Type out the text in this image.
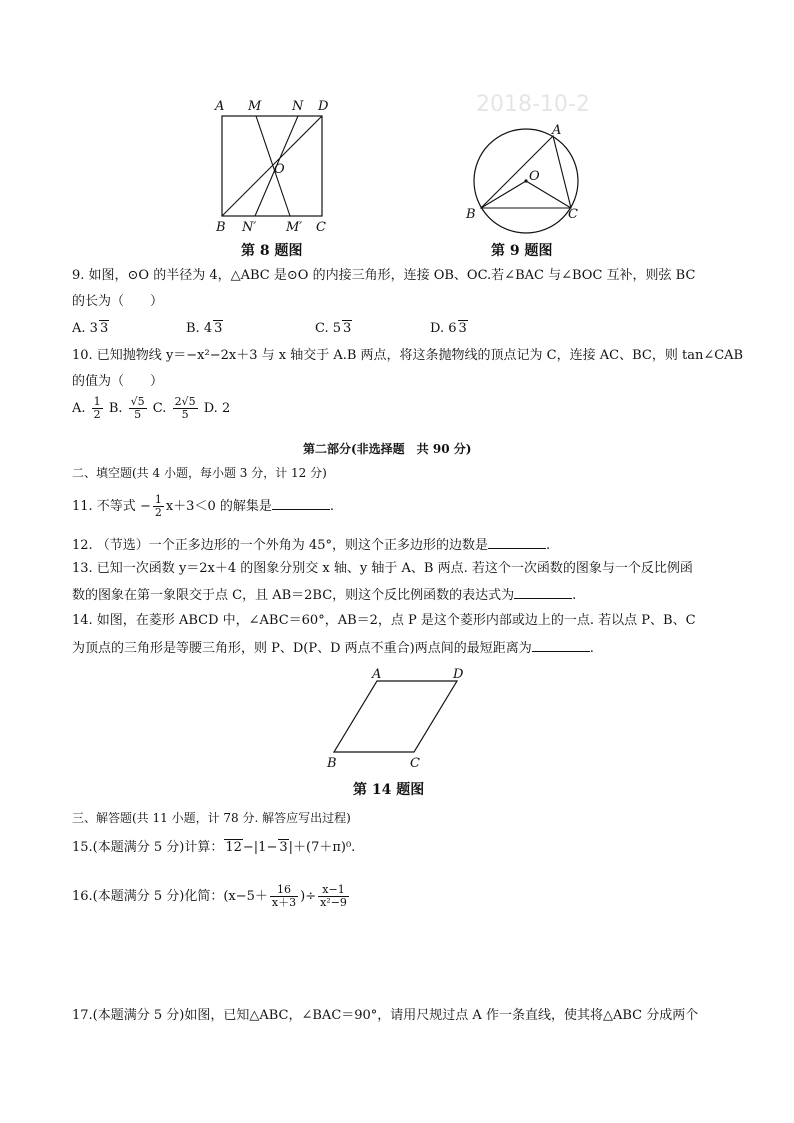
2018-10-2
A M N D
O
B N′ M′ C
第 8 题图
A
O
B	C
第 9 题图
9. 如图，⊙O 的半径为 4，△ABC 是⊙O 的内接三角形，连接 OB、OC.若∠BAC 与∠BOC 互补，则弦 BC
的长为（　　）
A. 3 3	B. 4 3	C. 5 3	D. 6 3
10. 已知抛物线 y＝−x²−2x＋3 与 x 轴交于 A.B 两点，将这条抛物线的顶点记为 C，连接 AC、BC，则 tan∠CAB
的值为（　　）
A. $\frac{1}{2} B$. $\frac{√5}{5} C$. $\frac{2√5}{5} D$. 2
第二部分(非选择题　共 90 分)
二、填空题(共 4 小题，每小题 3 分，计 12 分)
11. 不等式 − $\frac{1}{2} x+3<0$ 的解集是	.
12. （节选）一个正多边形的一个外角为 45°，则这个正多边形的边数是	.
13. 已知一次函数 y＝2x＋4 的图象分别交 x 轴、y 轴于 A、B 两点. 若这个一次函数的图象与一个反比例函
数的图象在第一象限交于点 C，且 AB＝2BC，则这个反比例函数的表达式为	.
14. 如图，在菱形 ABCD 中，∠ABC＝60°，AB＝2，点 P 是这个菱形内部或边上的一点. 若以点 P、B、C
为顶点的三角形是等腰三角形，则 P、D(P、D 两点不重合)两点间的最短距离为	.
A	D
B	C
第 14 题图
三、解答题(共 11 小题，计 78 分. 解答应写出过程)
15.(本题满分 5 分)计算： 12−|1− 3|＋(7＋π)⁰.
16.(本题满分 5 分)化简：($x-5+ \frac{16}{x+3}$ )÷ $\frac{x-1}{\text{x²−9}}$
17.(本题满分 5 分)如图，已知△ABC，∠BAC＝90°，请用尺规过点 A 作一条直线，使其将△ABC 分成两个
